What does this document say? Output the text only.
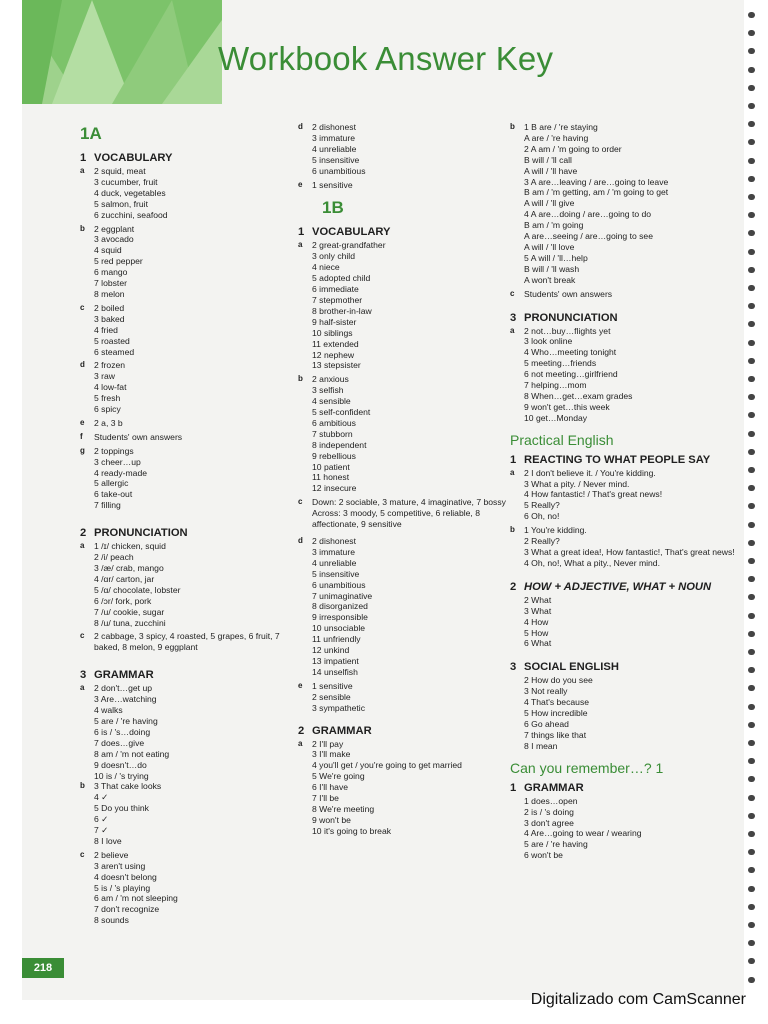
Workbook Answer Key
1A
1 VOCABULARY
a	2 squid, meat
3 cucumber, fruit
4 duck, vegetables
5 salmon, fruit
6 zucchini, seafood
b	2 eggplant
3 avocado
4 squid
5 red pepper
6 mango
7 lobster
8 melon
c	2 boiled
3 baked
4 fried
5 roasted
6 steamed
d	2 frozen
3 raw
4 low-fat
5 fresh
6 spicy
e	2 a, 3 b
f	Students' own answers
g	2 toppings
3 cheer…up
4 ready-made
5 allergic
6 take-out
7 filling
2 PRONUNCIATION
a	1 /ɪ/ chicken, squid
2 /i/ peach
3 /æ/ crab, mango
4 /ɑr/ carton, jar
5 /ɑ/ chocolate, lobster
6 /ɔr/ fork, pork
7 /u/ cookie, sugar
8 /u/ tuna, zucchini
c	2 cabbage, 3 spicy, 4 roasted, 5 grapes, 6 fruit, 7 baked, 8 melon, 9 eggplant
3 GRAMMAR
a	2 don't…get up
3 Are…watching
4 walks
5 are / 're having
6 is / 's…doing
7 does…give
8 am / 'm not eating
9 doesn't…do
10 is / 's trying
b	3 That cake looks
4 ✓
5 Do you think
6 ✓
7 ✓
8 I love
c	2 believe
3 aren't using
4 doesn't belong
5 is / 's playing
6 am / 'm not sleeping
7 don't recognize
8 sounds
d	2 dishonest
3 immature
4 unreliable
5 insensitive
6 unambitious
e	1 sensitive
1B
1 VOCABULARY
a	2 great-grandfather
3 only child
4 niece
5 adopted child
6 immediate
7 stepmother
8 brother-in-law
9 half-sister
10 siblings
11 extended
12 nephew
13 stepsister
b	2 anxious
3 selfish
4 sensible
5 self-confident
6 ambitious
7 stubborn
8 independent
9 rebellious
10 patient
11 honest
12 insecure
c	Down: 2 sociable, 3 mature, 4 imaginative, 7 bossy
Across: 3 moody, 5 competitive, 6 reliable, 8 affectionate, 9 sensitive
d	2 dishonest
3 immature
4 unreliable
5 insensitive
6 unambitious
7 unimaginative
8 disorganized
9 irresponsible
10 unsociable
11 unfriendly
12 unkind
13 impatient
14 unselfish
e	1 sensitive
2 sensible
3 sympathetic
2 GRAMMAR
a	2 I'll pay
3 I'll make
4 you'll get / you're going to get married
5 We're going
6 I'll have
7 I'll be
8 We're meeting
9 won't be
10 it's going to break
b	1 B are / 're staying
A are / 're having
2 A am / 'm going to order
B will / 'll call
A will / 'll have
3 A are…leaving / are…going to leave
B am / 'm getting, am / 'm going to get
A will / 'll give
4 A are…doing / are…going to do
B am / 'm going
A are…seeing / are…going to see
A will / 'll love
5 A will / 'll…help
B will / 'll wash
A won't break
c	Students' own answers
3 PRONUNCIATION
a	2 not…buy…flights yet
3 look online
4 Who…meeting tonight
5 meeting…friends
6 not meeting…girlfriend
7 helping…mom
8 When…get…exam grades
9 won't get…this week
10 get…Monday
Practical English
1 REACTING TO WHAT PEOPLE SAY
a	2 I don't believe it. / You're kidding.
3 What a pity. / Never mind.
4 How fantastic! / That's great news!
5 Really?
6 Oh, no!
b	1 You're kidding.
2 Really?
3 What a great idea!, How fantastic!, That's great news!
4 Oh, no!, What a pity., Never mind.
2 HOW + ADJECTIVE, WHAT + NOUN
2 What
3 What
4 How
5 How
6 What
3 SOCIAL ENGLISH
2 How do you see
3 Not really
4 That's because
5 How incredible
6 Go ahead
7 things like that
8 I mean
Can you remember…? 1
1 GRAMMAR
1 does…open
2 is / 's doing
3 don't agree
4 Are…going to wear / wearing
5 are / 're having
6 won't be
218
Digitalizado com CamScanner
